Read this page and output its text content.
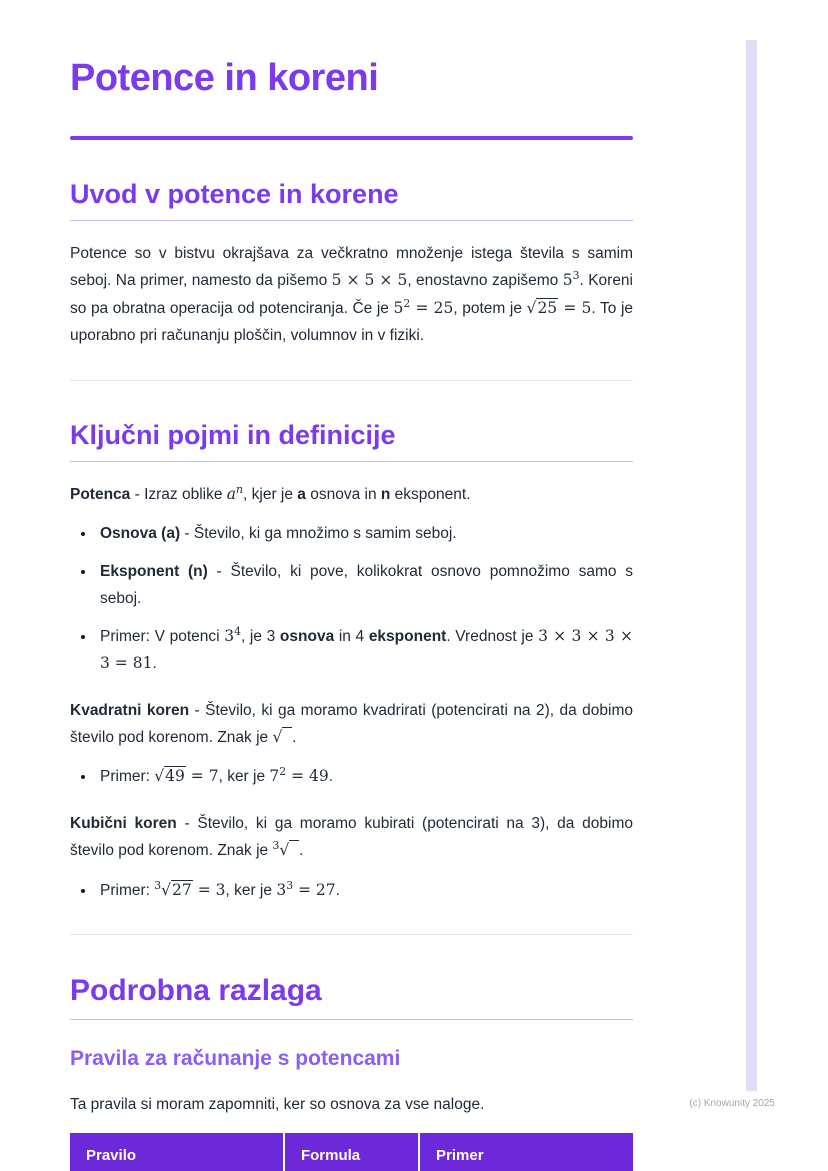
Potence in koreni
Uvod v potence in korene

Potence so v bistvu okrajšava za večkratno množenje istega števila s samim seboj. Na primer, namesto da pišemo 5 × 5 × 5, enostavno zapišemo $5^3$. Koreni so pa obratna operacija od potenciranja. Če je $5^2 = 25$, potem je √25 = 5. To je uporabno pri računanju ploščin, volumnov in v fiziki.

Ključni pojmi in definicije

Potenca - Izraz oblike $a^n$, kjer je a osnova in n eksponent.

• Osnova (a) - Število, ki ga množimo s samim seboj.
• Eksponent (n) - Število, ki pove, kolikokrat osnovo pomnožimo samo s seboj.
• Primer: V potenci $3^4$, je 3 osnova in 4 eksponent. Vrednost je 3 × 3 × 3 × 3 = 81.

Kvadratni koren - Število, ki ga moramo kvadrirati (potencirati na 2), da dobimo število pod korenom. Znak je √  .

• Primer: √49 = 7, ker je $7^2 = 49$.

Kubični koren - Število, ki ga moramo kubirati (potencirati na 3), da dobimo število pod korenom. Znak je $^3$√  .

• Primer: $^3$√27 = 3, ker je $3^3 = 27$.
Podrobna razlaga
Pravila za računanje s potencami

Ta pravila si moram zapomniti, ker so osnova za vse naloge.

Pravilo	Formula	Primer
(c) Knowunity 2025
